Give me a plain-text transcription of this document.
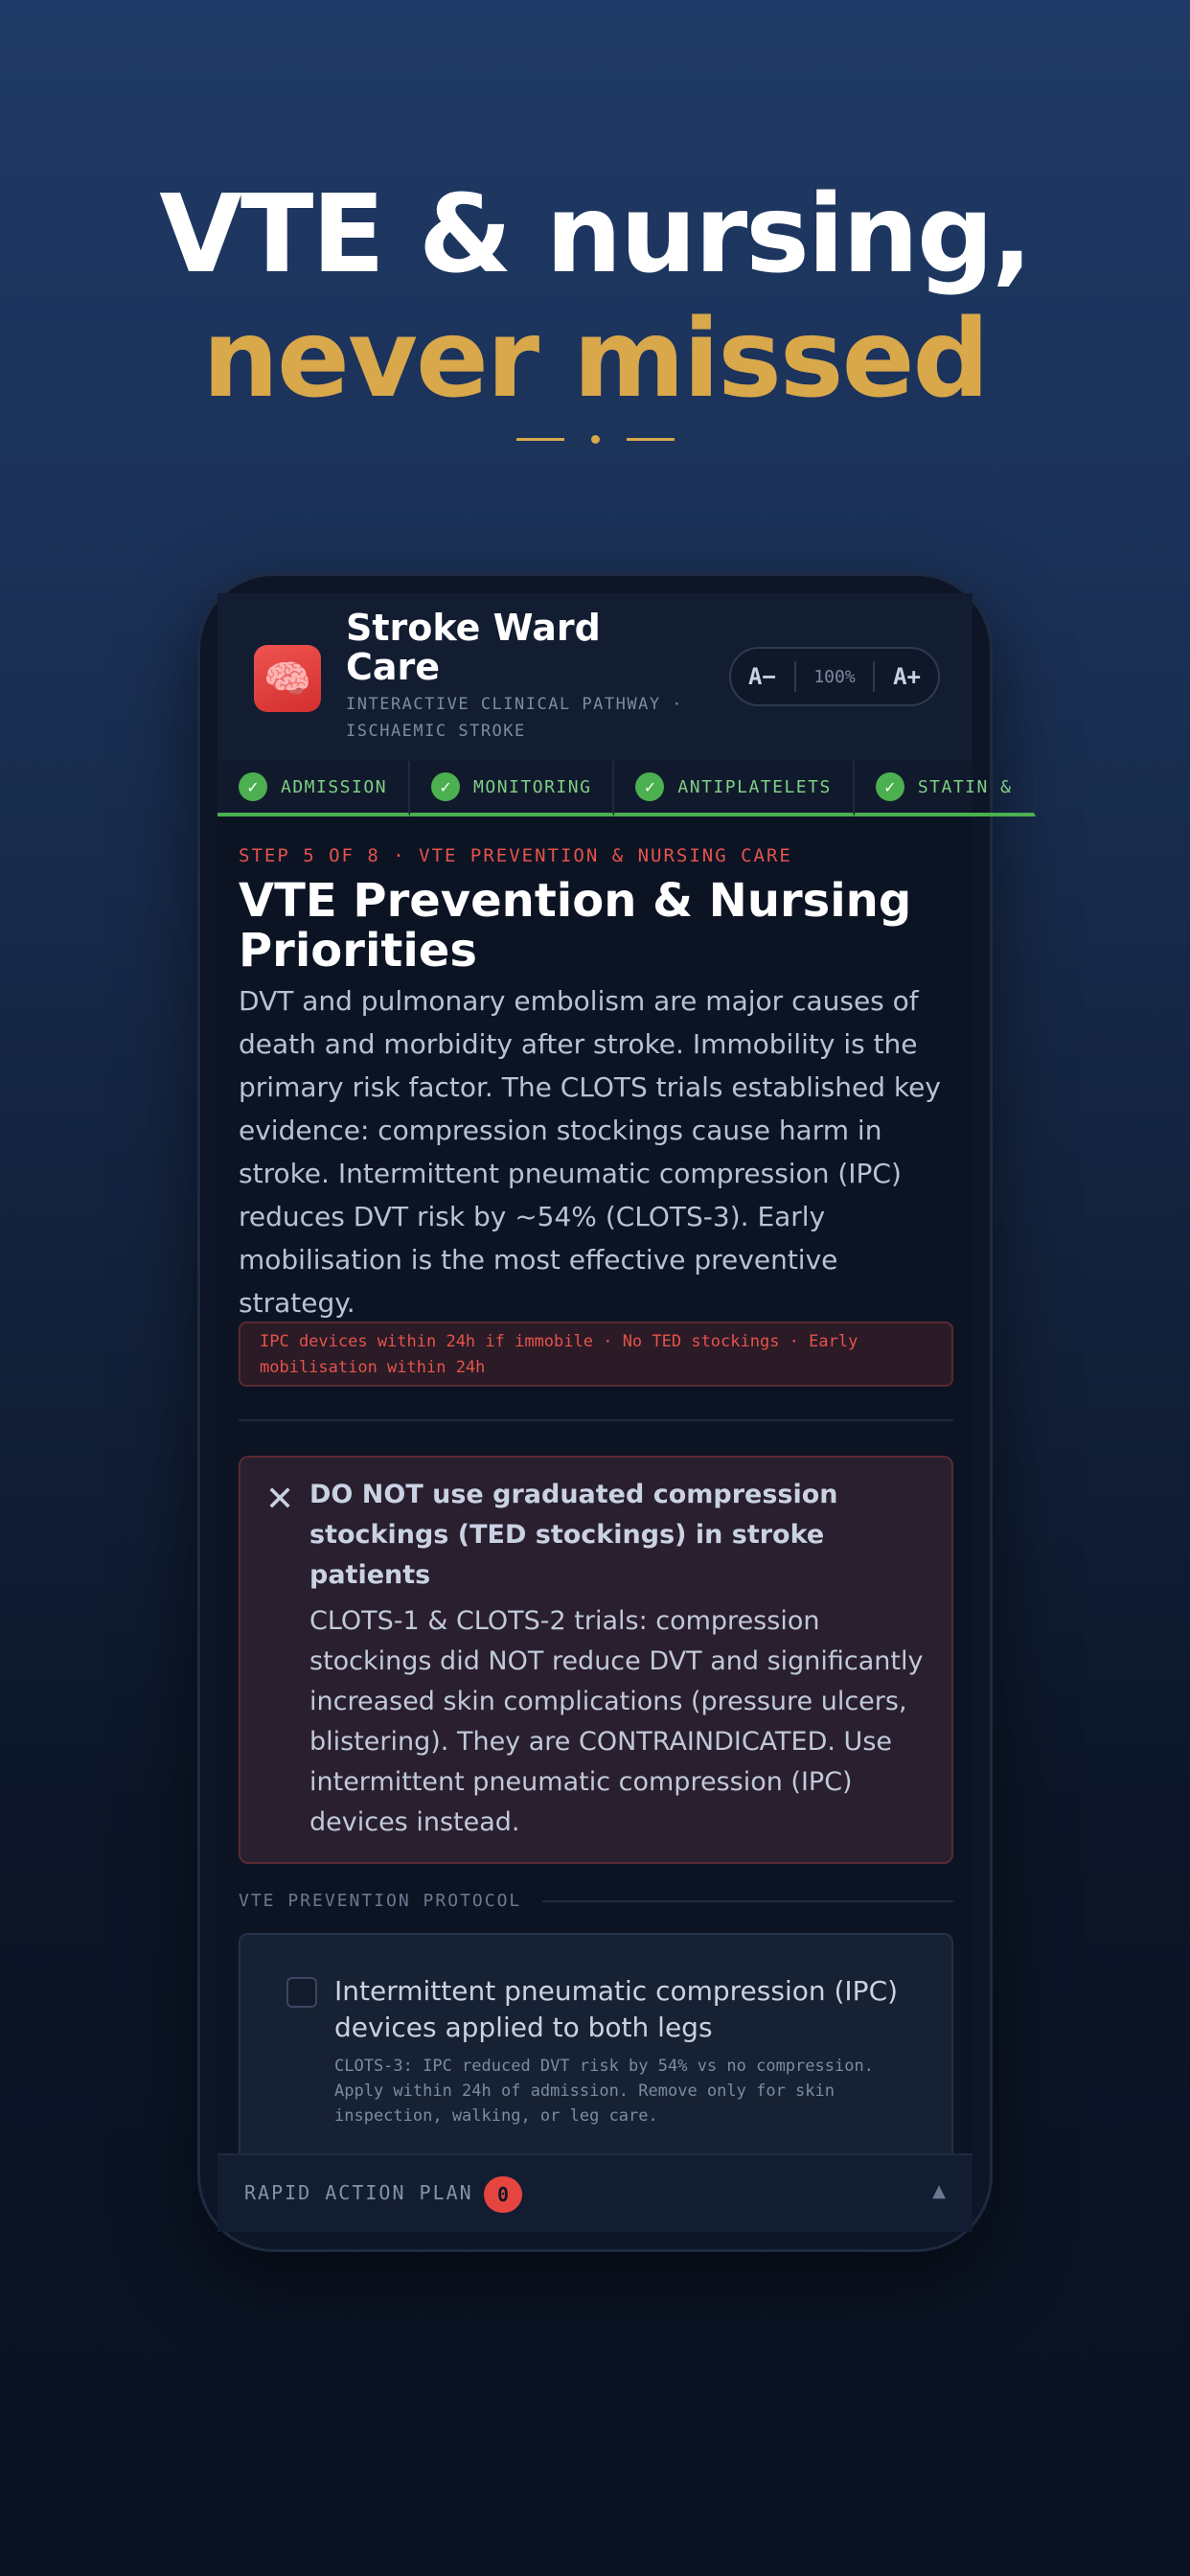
VTE & nursing,
never missed
🧠
Stroke Ward Care
INTERACTIVE CLINICAL PATHWAY · ISCHAEMIC STROKE
A− 100% A+
✓	ADMISSION	✓	MONITORING	✓	ANTIPLATELETS	✓	STATIN &
STEP 5 OF 8 · VTE PREVENTION & NURSING CARE
VTE Prevention & Nursing Priorities
DVT and pulmonary embolism are major causes of death and morbidity after stroke. Immobility is the primary risk factor. The CLOTS trials established key evidence: compression stockings cause harm in stroke. Intermittent pneumatic compression (IPC) reduces DVT risk by ~54% (CLOTS-3). Early mobilisation is the most effective preventive strategy.
IPC devices within 24h if immobile · No TED stockings · Early mobilisation within 24h
✕ DO NOT use graduated compression stockings (TED stockings) in stroke patients
CLOTS-1 & CLOTS-2 trials: compression stockings did NOT reduce DVT and significantly increased skin complications (pressure ulcers, blistering). They are CONTRAINDICATED. Use intermittent pneumatic compression (IPC) devices instead.
VTE PREVENTION PROTOCOL
Intermittent pneumatic compression (IPC) devices applied to both legs
CLOTS-3: IPC reduced DVT risk by 54% vs no compression. Apply within 24h of admission. Remove only for skin inspection, walking, or leg care.
RAPID ACTION PLAN	0	▲
